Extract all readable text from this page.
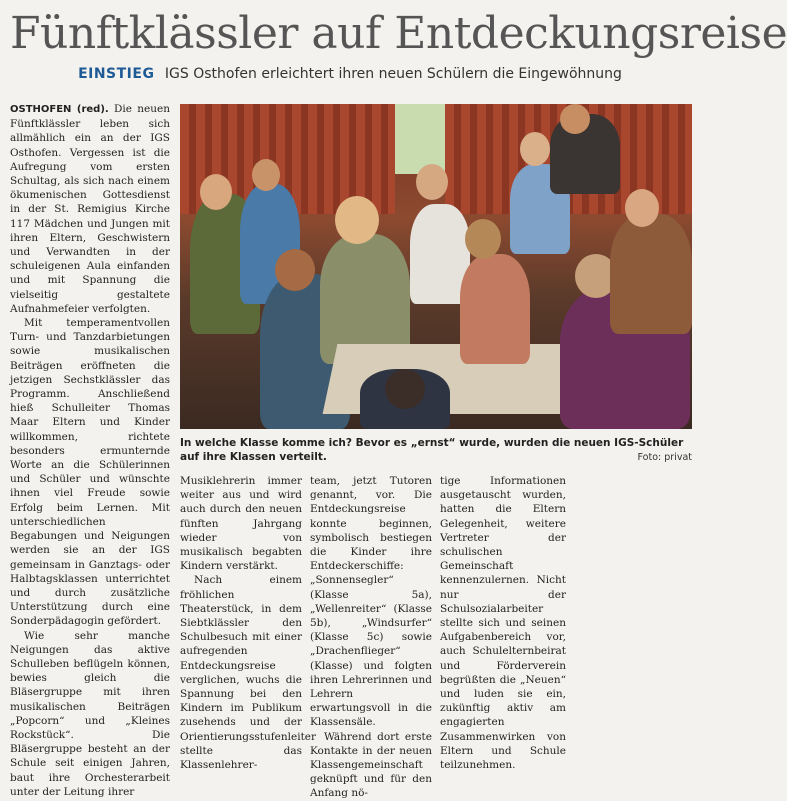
Fünftklässler auf Entdeckungsreise
EINSTIEG IGS Osthofen erleichtert ihren neuen Schülern die Eingewöhnung

OSTHOFEN (red). Die neuen Fünftklässler leben sich allmählich ein an der IGS Osthofen. Vergessen ist die Aufregung vom ersten Schultag, als sich nach einem ökumenischen Gottesdienst in der St. Remigius Kirche 117 Mädchen und Jungen mit ihren Eltern, Geschwistern und Verwandten in der schuleigenen Aula einfanden und mit Spannung die vielseitig gestaltete Aufnahmefeier verfolgten.

Mit temperamentvollen Turn- und Tanzdarbietungen sowie musikalischen Beiträgen eröffneten die jetzigen Sechstklässler das Programm. Anschließend hieß Schulleiter Thomas Maar Eltern und Kinder willkommen, richtete besonders ermunternde Worte an die Schülerinnen und Schüler und wünschte ihnen viel Freude sowie Erfolg beim Lernen. Mit unterschiedlichen Begabungen und Neigungen werden sie an der IGS gemeinsam in Ganztags- oder Halbtagsklassen unterrichtet und durch zusätzliche Unterstützung durch eine Sonderpädagogin gefördert.

Wie sehr manche Neigungen das aktive Schulleben beflügeln können, bewies gleich die Bläsergruppe mit ihren musikalischen Beiträgen „Popcorn“ und „Kleines Rockstück“. Die Bläsergruppe besteht an der Schule seit einigen Jahren, baut ihre Orchesterarbeit unter der Leitung ihrer

In welche Klasse komme ich? Bevor es „ernst“ wurde, wurden die neuen IGS-Schüler auf ihre Klassen verteilt.	Foto: privat

Musiklehrerin immer weiter aus und wird auch durch den neuen fünften Jahrgang wieder von musikalisch begabten Kindern verstärkt.

Nach einem fröhlichen Theaterstück, in dem Siebtklässler den Schulbesuch mit einer aufregenden Entdeckungsreise verglichen, wuchs die Spannung bei den Kindern im Publikum zusehends und der Orientierungsstufenleiter stellte das Klassenlehrer-

team, jetzt Tutoren genannt, vor. Die Entdeckungsreise konnte beginnen, symbolisch bestiegen die Kinder ihre Entdeckerschiffe: „Sonnensegler“ (Klasse 5a), „Wellenreiter“ (Klasse 5b), „Windsurfer“ (Klasse 5c) sowie „Drachenflieger“ (Klasse) und folgten ihren Lehrerinnen und Lehrern erwartungsvoll in die Klassensäle.

Während dort erste Kontakte in der neuen Klassengemeinschaft geknüpft und für den Anfang nö-

tige Informationen ausgetauscht wurden, hatten die Eltern Gelegenheit, weitere Vertreter der schulischen Gemeinschaft kennenzulernen. Nicht nur der Schulsozialarbeiter stellte sich und seinen Aufgabenbereich vor, auch Schulelternbeirat und Förderverein begrüßten die „Neuen“ und luden sie ein, zukünftig aktiv am engagierten Zusammenwirken von Eltern und Schule teilzunehmen.
